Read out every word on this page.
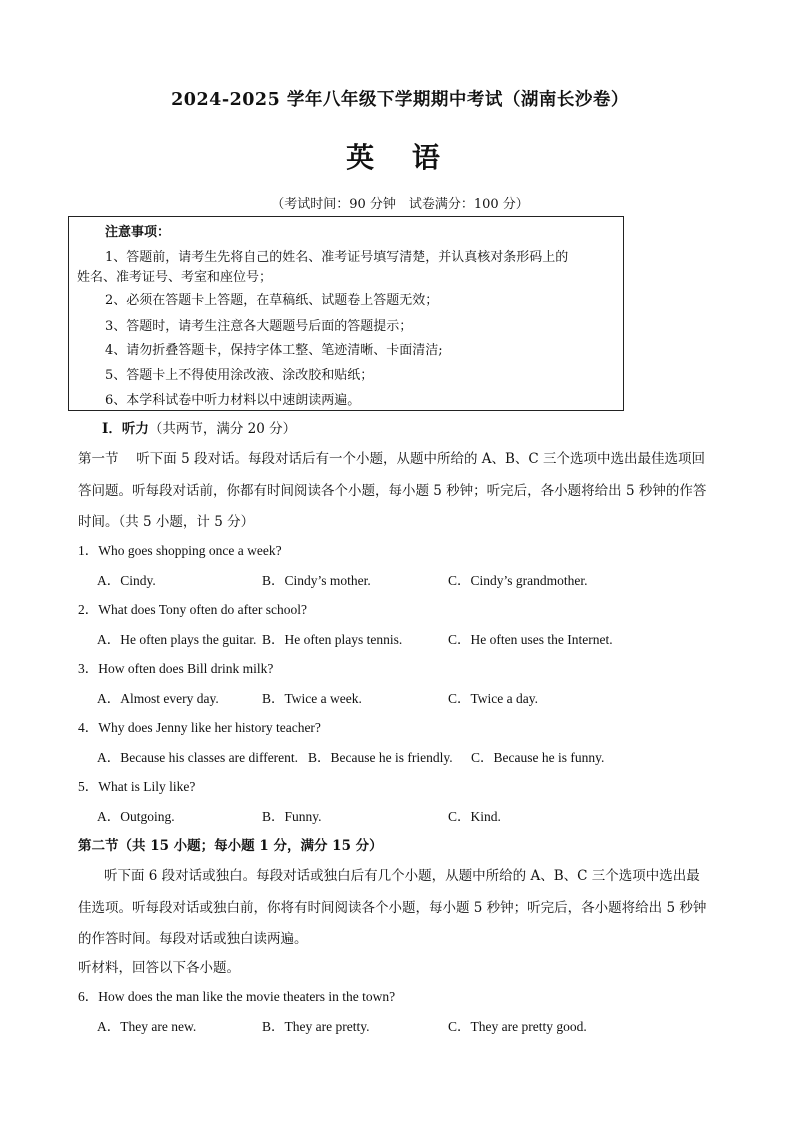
2024-2025 学年八年级下学期期中考试（湖南长沙卷）
英 语
（考试时间：90 分钟　试卷满分：100 分）
注意事项：
1、答题前，请考生先将自己的姓名、准考证号填写清楚，并认真核对条形码上的
姓名、准考证号、考室和座位号；
2、必须在答题卡上答题，在草稿纸、试题卷上答题无效；
3、答题时，请考生注意各大题题号后面的答题提示；
4、请勿折叠答题卡，保持字体工整、笔迹清晰、卡面清洁;
5、答题卡上不得使用涂改液、涂改胶和贴纸；
6、本学科试卷中听力材料以中速朗读两遍。
I．听力（共两节，满分 20 分）
第一节　 听下面 5 段对话。每段对话后有一个小题，从题中所给的 A、B、C 三个选项中选出最佳选项回
答问题。听每段对话前，你都有时间阅读各个小题，每小题 5 秒钟；听完后，各小题将给出 5 秒钟的作答
时间。（共 5 小题，计 5 分）
1．Who goes shopping once a week?
A．Cindy.	B．Cindy’s mother.	C．Cindy’s grandmother.
2．What does Tony often do after school?
A．He often plays the guitar. B．He often plays tennis.	C．He often uses the Internet.
3．How often does Bill drink milk?
A．Almost every day.	B．Twice a week.	C．Twice a day.
4．Why does Jenny like her history teacher?
A．Because his classes are different. B．Because he is friendly. C．Because he is funny.
5．What is Lily like?
A．Outgoing.	B．Funny.	C．Kind.
第二节（共 15 小题；每小题 1 分，满分 15 分）
听下面 6 段对话或独白。每段对话或独白后有几个小题，从题中所给的 A、B、C 三个选项中选出最
佳选项。听每段对话或独白前，你将有时间阅读各个小题，每小题 5 秒钟；听完后，各小题将给出 5 秒钟
的作答时间。每段对话或独白读两遍。
听材料，回答以下各小题。
6．How does the man like the movie theaters in the town?
A．They are new.	B．They are pretty.	C．They are pretty good.
